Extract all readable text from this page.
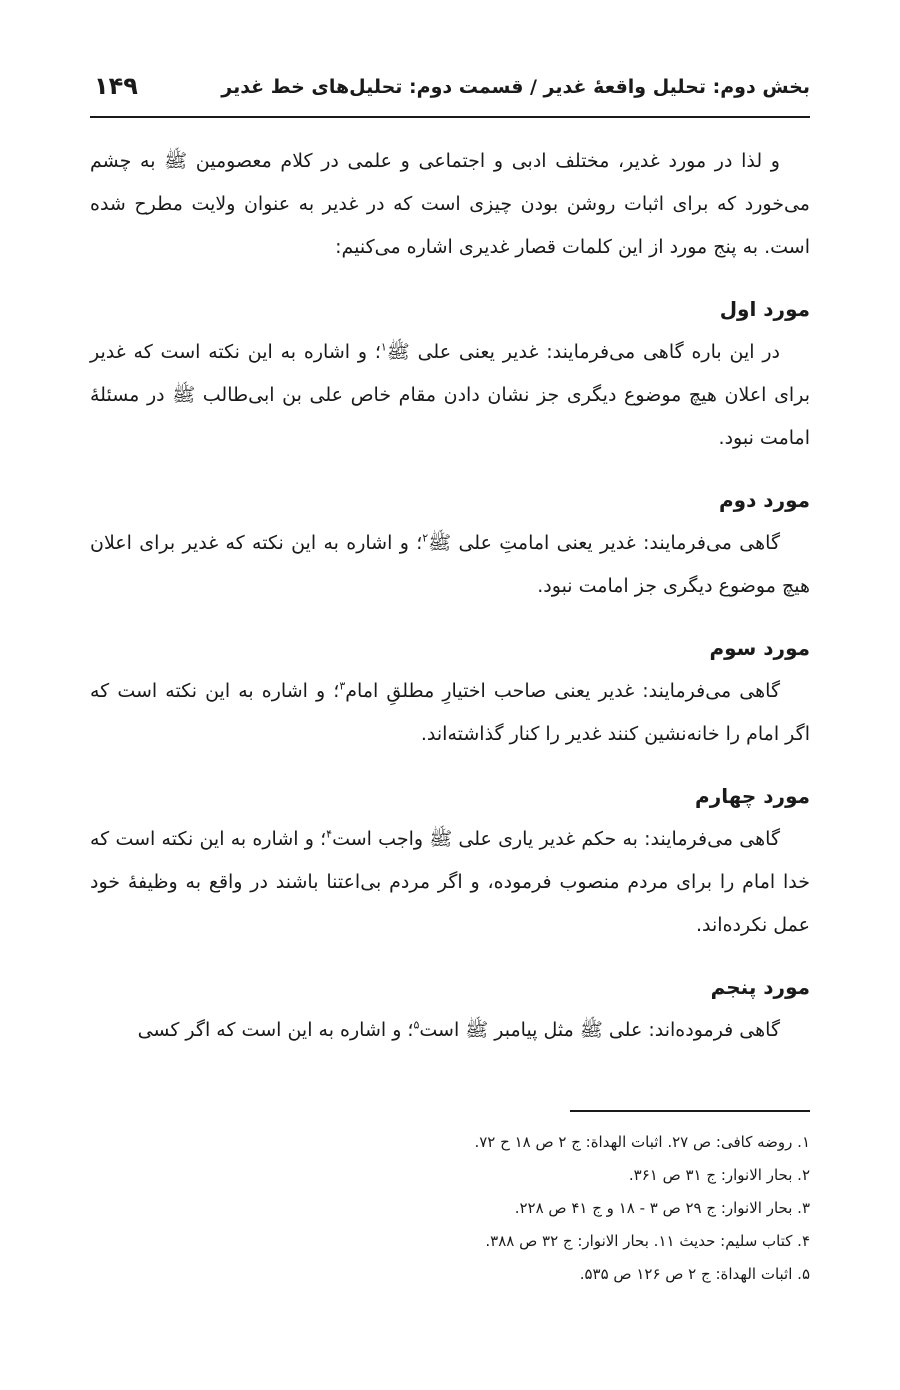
بخش دوم: تحلیل واقعهٔ غدیر / قسمت دوم: تحلیل‌های خط غدیر
۱۴۹

و لذا در مورد غدیر، مختلف ادبی و اجتماعی و علمی در کلام معصومین ﷺ به چشم می‌خورد که برای اثبات روشن بودن چیزی است که در غدیر به عنوان ولایت مطرح شده است. به پنج مورد از این کلمات قصار غدیری اشاره می‌کنیم:

مورد اول

در این باره گاهی می‌فرمایند: غدیر یعنی علی ﷺ$^۱$؛ و اشاره به این نکته است که غدیر برای اعلان هیچ موضوع دیگری جز نشان دادن مقام خاص علی بن ابی‌طالب ﷺ در مسئلهٔ امامت نبود.

مورد دوم

گاهی می‌فرمایند: غدیر یعنی امامتِ علی ﷺ$^۲$؛ و اشاره به این نکته که غدیر برای اعلان هیچ موضوع دیگری جز امامت نبود.

مورد سوم

گاهی می‌فرمایند: غدیر یعنی صاحب اختیارِ مطلقِ امام$^۳$؛ و اشاره به این نکته است که اگر امام را خانه‌نشین کنند غدیر را کنار گذاشته‌اند.

مورد چهارم

گاهی می‌فرمایند: به حکم غدیر یاری علی ﷺ واجب است$^۴$؛ و اشاره به این نکته است که خدا امام را برای مردم منصوب فرموده، و اگر مردم بی‌اعتنا باشند در واقع به وظیفهٔ خود عمل نکرده‌اند.

مورد پنجم

گاهی فرموده‌اند: علی ﷺ مثل پیامبر ﷺ است$^۵$؛ و اشاره به این است که اگر کسی

۱. روضه کافی: ص ۲۷. اثبات الهداة: ج ۲ ص ۱۸ ح ۷۲.
۲. بحار الانوار: ج ۳۱ ص ۳۶۱.
۳. بحار الانوار: ج ۲۹ ص ۳ - ۱۸ و ج ۴۱ ص ۲۲۸.
۴. کتاب سلیم: حدیث ۱۱. بحار الانوار: ج ۳۲ ص ۳۸۸.
۵. اثبات الهداة: ج ۲ ص ۱۲۶ ص ۵۳۵.
